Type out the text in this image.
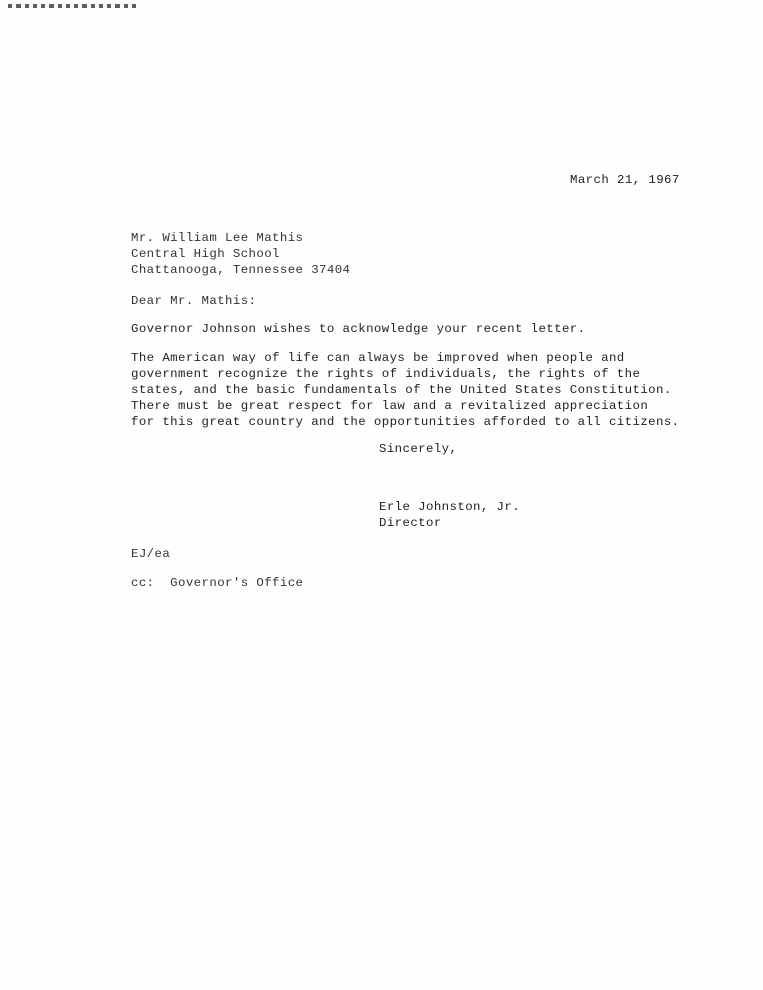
March 21, 1967
Mr. William Lee Mathis
Central High School
Chattanooga, Tennessee 37404
Dear Mr. Mathis:
Governor Johnson wishes to acknowledge your recent letter.
The American way of life can always be improved when people and
government recognize the rights of individuals, the rights of the
states, and the basic fundamentals of the United States Constitution.
There must be great respect for law and a revitalized appreciation
for this great country and the opportunities afforded to all citizens.
Sincerely,
Erle Johnston, Jr.
Director
EJ/ea
cc:  Governor's Office
